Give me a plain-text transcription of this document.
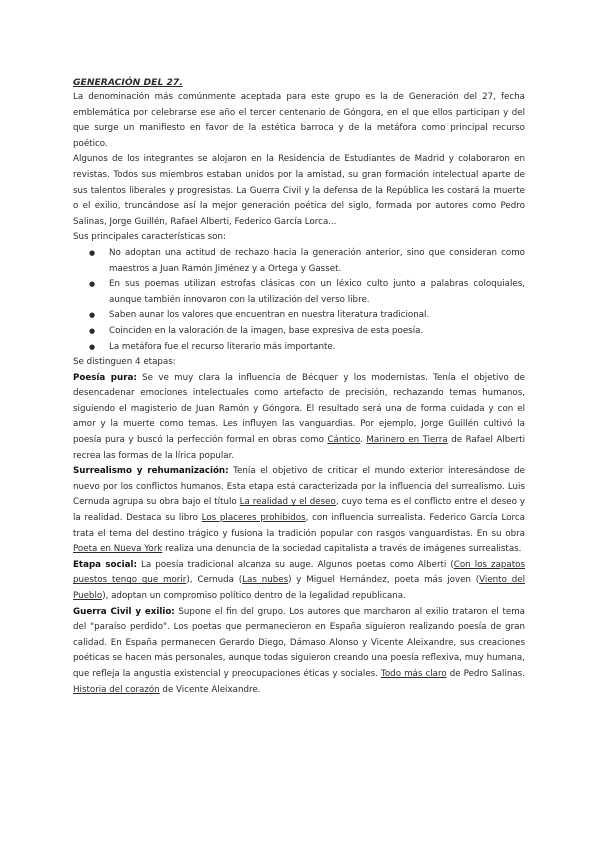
GENERACIÓN DEL 27.

La denominación más comúnmente aceptada para este grupo es la de Generación del 27, fecha emblemática por celebrarse ese año el tercer centenario de Góngora, en el que ellos participan y del que surge un manifiesto en favor de la estética barroca y de la metáfora como principal recurso poético.

Algunos de los integrantes se alojaron en la Residencia de Estudiantes de Madrid y colaboraron en revistas. Todos sus miembros estaban unidos por la amistad, su gran formación intelectual aparte de sus talentos liberales y progresistas. La Guerra Civil y la defensa de la República les costará la muerte o el exilio, truncándose así la mejor generación poética del siglo, formada por autores como Pedro Salinas, Jorge Guillén, Rafael Alberti, Federico García Lorca...

Sus principales características son:

● No adoptan una actitud de rechazo hacia la generación anterior, sino que consideran como maestros a Juan Ramón Jiménez y a Ortega y Gasset.
● En sus poemas utilizan estrofas clásicas con un léxico culto junto a palabras coloquiales, aunque también innovaron con la utilización del verso libre.
● Saben aunar los valores que encuentran en nuestra literatura tradicional.
● Coinciden en la valoración de la imagen, base expresiva de esta poesía.
● La metáfora fue el recurso literario más importante.

Se distinguen 4 etapas:

Poesía pura: Se ve muy clara la influencia de Bécquer y los modernistas. Tenía el objetivo de desencadenar emociones intelectuales como artefacto de precisión, rechazando temas humanos, siguiendo el magisterio de Juan Ramón y Góngora. El resultado será una de forma cuidada y con el amor y la muerte como temas. Les influyen las vanguardias. Por ejemplo, Jorge Guillén cultivó la poesía pura y buscó la perfección formal en obras como Cántico. Marinero en Tierra de Rafael Alberti recrea las formas de la lírica popular.

Surrealismo y rehumanización: Tenía el objetivo de criticar el mundo exterior interesándose de nuevo por los conflictos humanos. Esta etapa está caracterizada por la influencia del surrealismo. Luis Cernuda agrupa su obra bajo el título La realidad y el deseo, cuyo tema es el conflicto entre el deseo y la realidad. Destaca su libro Los placeres prohibidos, con influencia surrealista. Federico García Lorca trata el tema del destino trágico y fusiona la tradición popular con rasgos vanguardistas. En su obra Poeta en Nueva York realiza una denuncia de la sociedad capitalista a través de imágenes surrealistas.

Etapa social: La poesía tradicional alcanza su auge. Algunos poetas como Alberti (Con los zapatos puestos tengo que morir), Cernuda (Las nubes) y Miguel Hernández, poeta más joven (Viento del Pueblo), adoptan un compromiso político dentro de la legalidad republicana.

Guerra Civil y exilio: Supone el fin del grupo. Los autores que marcharon al exilio trataron el tema del "paraíso perdido". Los poetas que permanecieron en España siguieron realizando poesía de gran calidad. En España permanecen Gerardo Diego, Dámaso Alonso y Vicente Aleixandre, sus creaciones poéticas se hacen más personales, aunque todas siguieron creando una poesía reflexiva, muy humana, que refleja la angustia existencial y preocupaciones éticas y sociales. Todo más claro de Pedro Salinas. Historia del corazón de Vicente Aleixandre.
